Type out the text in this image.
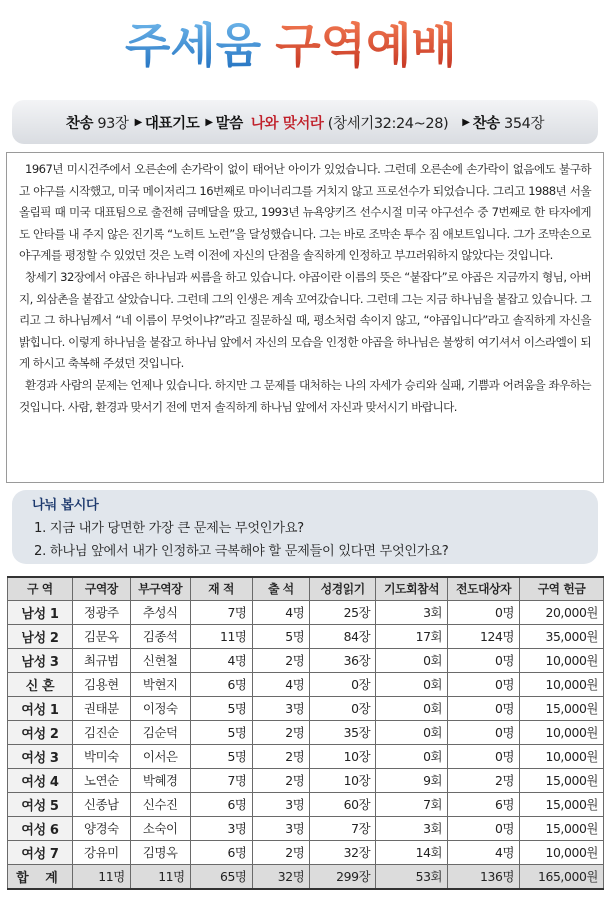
주세움 구역예배
찬송
93장 ▶ 대표기도 ▶ 말씀 나와 맞서라
(창세기32:24~28) ▶ 찬송
354장

1967년 미시건주에서 오른손에 손가락이 없이 태어난 아이가 있었습니다. 그런데 오른손에 손가락이 없음에도 불구하고 야구를 시작했고, 미국 메이저리그 16번째로 마이너리그를 거치지 않고 프로선수가 되었습니다. 그리고 1988년 서울올림픽 때 미국 대표팀으로 출전해 금메달을 땄고, 1993년 뉴욕양키즈 선수시절 미국 야구선수 중 7번째로 한 타자에게도 안타를 내 주지 않은 진기록 “노히트 노런”을 달성했습니다. 그는 바로 조막손 투수 짐 애보트입니다. 그가 조막손으로 야구계를 평정할 수 있었던 것은 노력 이전에 자신의 단점을 솔직하게 인정하고 부끄러워하지 않았다는 것입니다.

창세기 32장에서 야곱은 하나님과 씨름을 하고 있습니다. 야곱이란 이름의 뜻은 “붙잡다”로 야곱은 지금까지 형님, 아버지, 외삼촌을 붙잡고 살았습니다. 그런데 그의 인생은 계속 꼬여갔습니다. 그런데 그는 지금 하나님을 붙잡고 있습니다. 그리고 그 하나님께서 “네 이름이 무엇이냐?”라고 질문하실 때, 평소처럼 속이지 않고, “야곱입니다”라고 솔직하게 자신을 밝힙니다. 이렇게 하나님을 붙잡고 하나님 앞에서 자신의 모습을 인정한 야곱을 하나님은 불쌍히 여기셔서 이스라엘이 되게 하시고 축복해 주셨던 것입니다.

환경과 사람의 문제는 언제나 있습니다. 하지만 그 문제를 대처하는 나의 자세가 승리와 실패, 기쁨과 어려움을 좌우하는 것입니다. 사람, 환경과 맞서기 전에 먼저 솔직하게 하나님 앞에서 자신과 맞서시기 바랍니다.

나눠 봅시다
1. 지금 내가 당면한 가장 큰 문제는 무엇인가요?
2. 하나님 앞에서 내가 인정하고 극복해야 할 문제들이 있다면 무엇인가요?
구 역	구역장	부구역장	재 적	출 석	성경읽기	기도회참석	전도대상자	구역 헌금
남성 1	정광주	추성식	7명	4명	25장	3회	0명	20,000원
남성 2	김문옥	김종석	11명	5명	84장	17회	124명	35,000원
남성 3	최규범	신현철	4명	2명	36장	0회	0명	10,000원
신 혼	김용현	박현지	6명	4명	0장	0회	0명	10,000원
여성 1	권태분	이정숙	5명	3명	0장	0회	0명	15,000원
여성 2	김진순	김순덕	5명	2명	35장	0회	0명	10,000원
여성 3	박미숙	이서은	5명	2명	10장	0회	0명	10,000원
여성 4	노연순	박혜경	7명	2명	10장	9회	2명	15,000원
여성 5	신종남	신수진	6명	3명	60장	7회	6명	15,000원
여성 6	양경숙	소숙이	3명	3명	7장	3회	0명	15,000원
여성 7	강유미	김명옥	6명	2명	32장	14회	4명	10,000원
합 계	11명	11명	65명	32명	299장	53회	136명	165,000원
